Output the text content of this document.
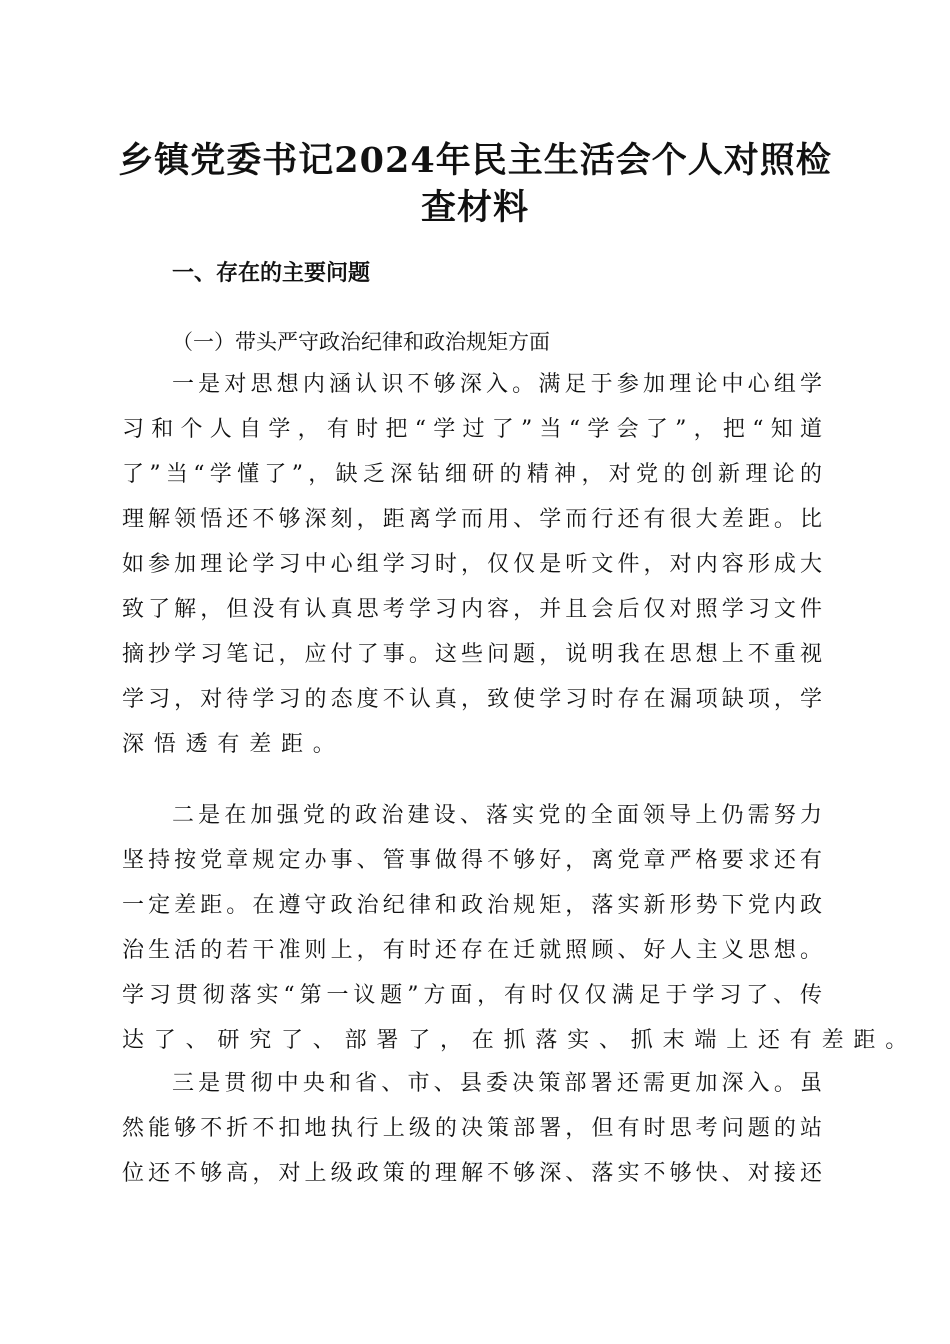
乡镇党委书记2024年民主生活会个人对照检
查材料
一、存在的主要问题
（一）带头严守政治纪律和政治规矩方面
一是对思想内涵认识不够深入。满足于参加理论中心组学
习和个人自学，有时把“学过了”当“学会了”，把“知道
了”当“学懂了”，缺乏深钻细研的精神，对党的创新理论的
理解领悟还不够深刻，距离学而用、学而行还有很大差距。比
如参加理论学习中心组学习时，仅仅是听文件，对内容形成大
致了解，但没有认真思考学习内容，并且会后仅对照学习文件
摘抄学习笔记，应付了事。这些问题，说明我在思想上不重视
学习，对待学习的态度不认真，致使学习时存在漏项缺项，学
深悟透有差距。
二是在加强党的政治建设、落实党的全面领导上仍需努力
坚持按党章规定办事、管事做得不够好，离党章严格要求还有
一定差距。在遵守政治纪律和政治规矩，落实新形势下党内政
治生活的若干准则上，有时还存在迁就照顾、好人主义思想。
学习贯彻落实“第一议题”方面，有时仅仅满足于学习了、传
达了、研究了、部署了，在抓落实、抓末端上还有差距。
三是贯彻中央和省、市、县委决策部署还需更加深入。虽
然能够不折不扣地执行上级的决策部署，但有时思考问题的站
位还不够高，对上级政策的理解不够深、落实不够快、对接还
